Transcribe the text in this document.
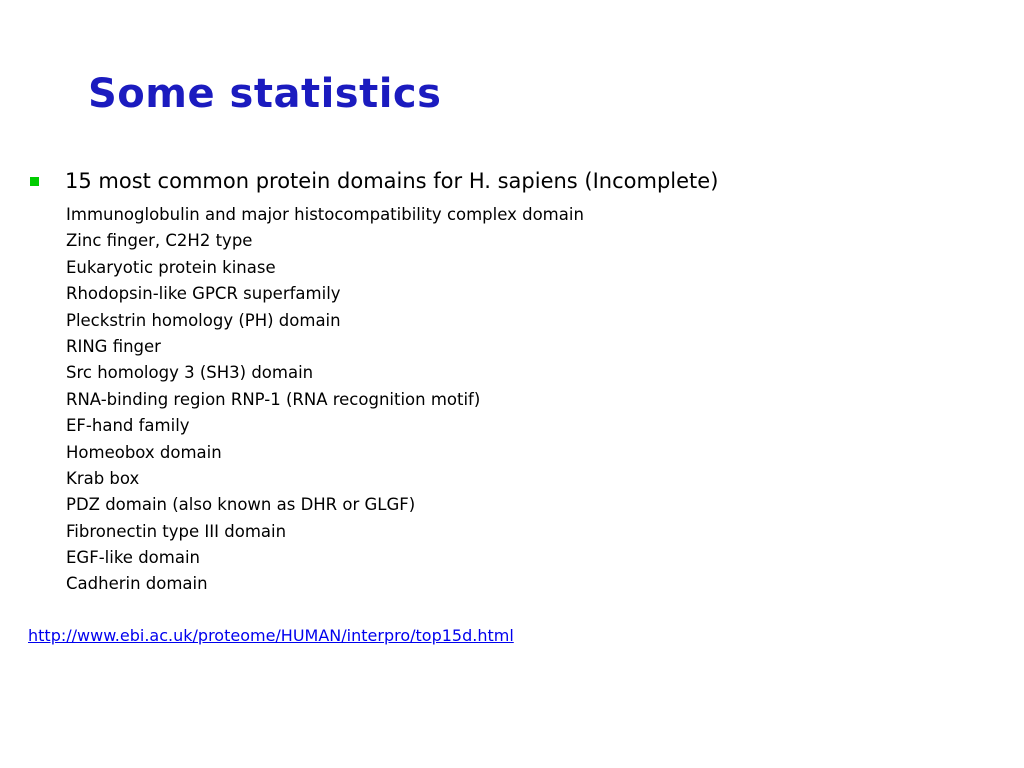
Some statistics
15 most common protein domains for H. sapiens (Incomplete)
Immunoglobulin and major histocompatibility complex domain
Zinc finger, C2H2 type
Eukaryotic protein kinase
Rhodopsin-like GPCR superfamily
Pleckstrin homology (PH) domain
RING finger
Src homology 3 (SH3) domain
RNA-binding region RNP-1 (RNA recognition motif)
EF-hand family
Homeobox domain
Krab box
PDZ domain (also known as DHR or GLGF)
Fibronectin type III domain
EGF-like domain
Cadherin domain
http://www.ebi.ac.uk/proteome/HUMAN/interpro/top15d.html
